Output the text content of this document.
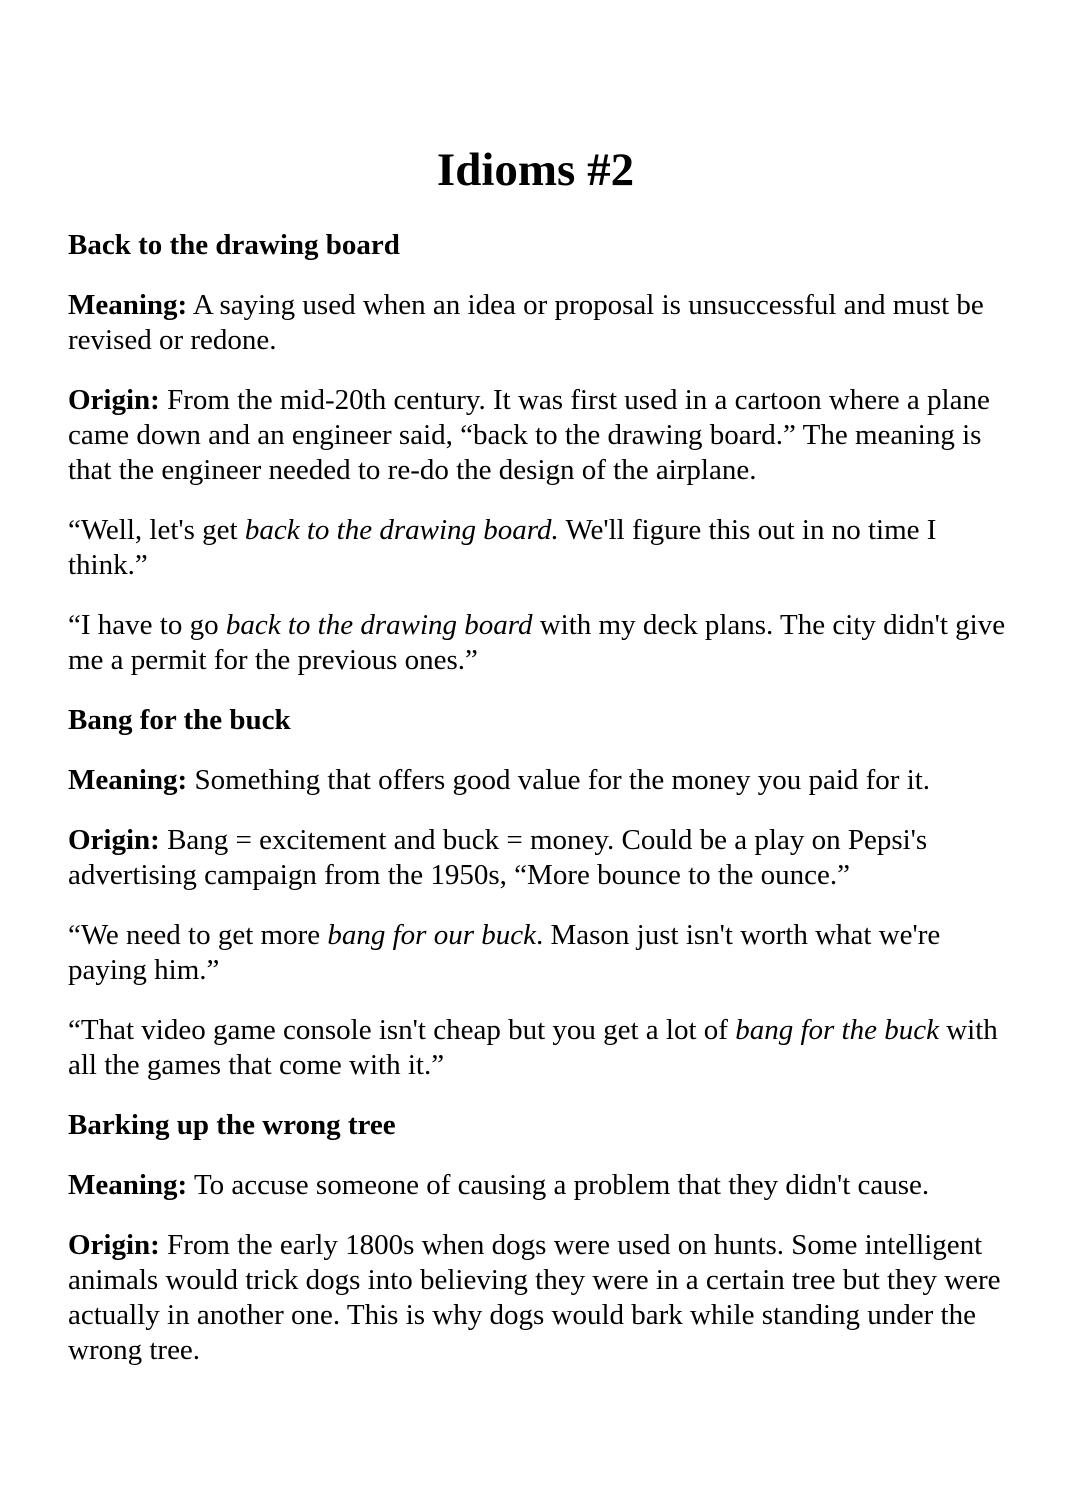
Idioms #2

Back to the drawing board

Meaning: A saying used when an idea or proposal is unsuccessful and must be revised or redone.

Origin: From the mid-20th century. It was first used in a cartoon where a plane came down and an engineer said, “back to the drawing board.” The meaning is that the engineer needed to re-do the design of the airplane.

“Well, let's get back to the drawing board. We'll figure this out in no time I think.”

“I have to go back to the drawing board with my deck plans. The city didn't give me a permit for the previous ones.”

Bang for the buck

Meaning: Something that offers good value for the money you paid for it.

Origin: Bang = excitement and buck = money. Could be a play on Pepsi's advertising campaign from the 1950s, “More bounce to the ounce.”

“We need to get more bang for our buck. Mason just isn't worth what we're paying him.”

“That video game console isn't cheap but you get a lot of bang for the buck with all the games that come with it.”

Barking up the wrong tree

Meaning: To accuse someone of causing a problem that they didn't cause.

Origin: From the early 1800s when dogs were used on hunts. Some intelligent animals would trick dogs into believing they were in a certain tree but they were actually in another one. This is why dogs would bark while standing under the wrong tree.
